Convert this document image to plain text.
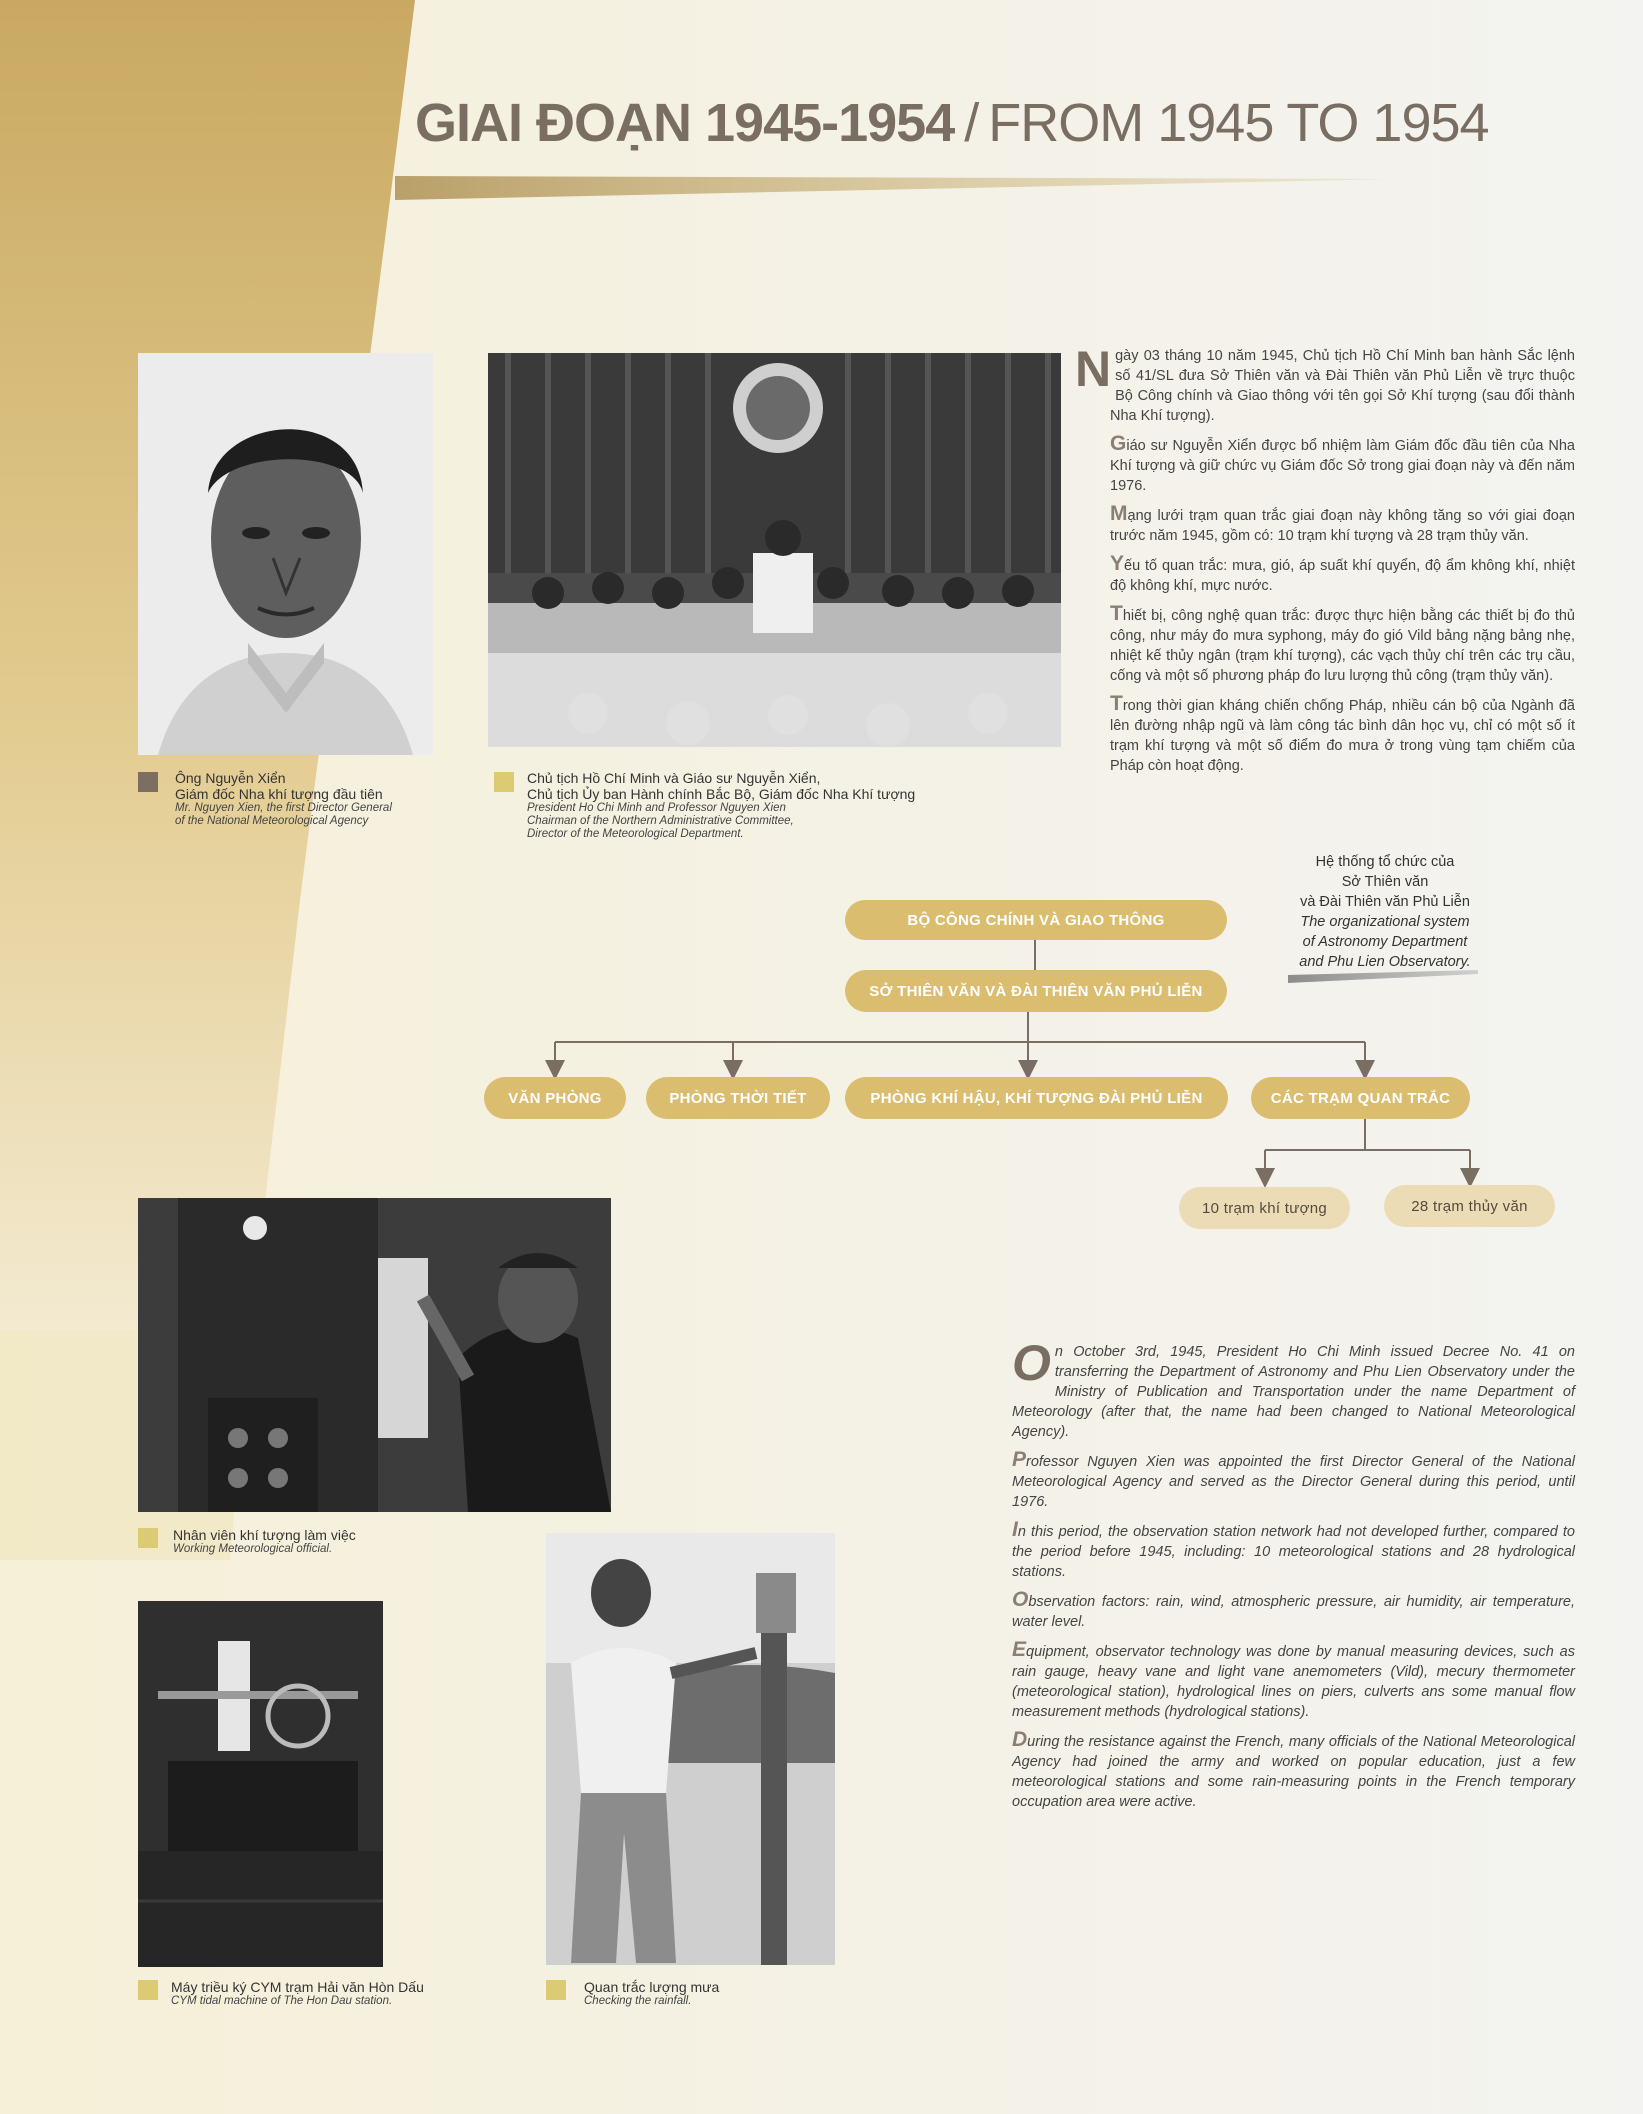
GIAI ĐOẠN 1945-1954 / FROM 1945 TO 1954
Ông Nguyễn Xiển
Giám đốc Nha khí tượng đầu tiên
Mr. Nguyen Xien, the first Director General
of the National Meteorological Agency
Chủ tịch Hồ Chí Minh và Giáo sư Nguyễn Xiển,
Chủ tịch Ủy ban Hành chính Bắc Bộ, Giám đốc Nha Khí tượng
President Ho Chi Minh and Professor Nguyen Xien
Chairman of the Northern Administrative Committee,
Director of the Meteorological Department.

Ngày 03 tháng 10 năm 1945, Chủ tịch Hồ Chí Minh ban hành Sắc lệnh số 41/SL đưa Sở Thiên văn và Đài Thiên văn Phủ Liễn về trực thuộc Bộ Công chính và Giao thông với tên gọi Sở Khí tượng (sau đổi thành Nha Khí tượng).

Giáo sư Nguyễn Xiển được bổ nhiệm làm Giám đốc đầu tiên của Nha Khí tượng và giữ chức vụ Giám đốc Sở trong giai đoạn này và đến năm 1976.

Mạng lưới trạm quan trắc giai đoạn này không tăng so với giai đoạn trước năm 1945, gồm có: 10 trạm khí tượng và 28 trạm thủy văn.

Yếu tố quan trắc: mưa, gió, áp suất khí quyển, độ ẩm không khí, nhiệt độ không khí, mực nước.

Thiết bị, công nghệ quan trắc: được thực hiện bằng các thiết bị đo thủ công, như máy đo mưa syphong, máy đo gió Vild bảng nặng bảng nhẹ, nhiệt kế thủy ngân (trạm khí tượng), các vạch thủy chí trên các trụ cầu, cống và một số phương pháp đo lưu lượng thủ công (trạm thủy văn).

Trong thời gian kháng chiến chống Pháp, nhiều cán bộ của Ngành đã lên đường nhập ngũ và làm công tác bình dân học vụ, chỉ có một số ít trạm khí tượng và một số điểm đo mưa ở trong vùng tạm chiếm của Pháp còn hoạt động.

Hệ thống tổ chức của
Sở Thiên văn
và Đài Thiên văn Phủ Liễn
The organizational system
of Astronomy Department
and Phu Lien Observatory.
BỘ CÔNG CHÍNH VÀ GIAO THÔNG
SỞ THIÊN VĂN VÀ ĐÀI THIÊN VĂN PHỦ LIỄN
VĂN PHÒNG	PHÒNG THỜI TIẾT	PHÒNG KHÍ HẬU, KHÍ TƯỢNG ĐÀI PHỦ LIỄN	CÁC TRẠM QUAN TRẮC
10 trạm khí tượng	28 trạm thủy văn
Nhân viên khí tượng làm việc
Working Meteorological official.
Máy triều ký CYM trạm Hải văn Hòn Dấu
CYM tidal machine of The Hon Dau station.
Quan trắc lượng mưa
Checking the rainfall.

On October 3rd, 1945, President Ho Chi Minh issued Decree No. 41 on transferring the Department of Astronomy and Phu Lien Observatory under the Ministry of Publication and Transportation under the name Department of Meteorology (after that, the name had been changed to National Meteorological Agency).

Professor Nguyen Xien was appointed the first Director General of the National Meteorological Agency and served as the Director General during this period, until 1976.

In this period, the observation station network had not developed further, compared to the period before 1945, including: 10 meteorological stations and 28 hydrological stations.

Observation factors: rain, wind, atmospheric pressure, air humidity, air temperature, water level.

Equipment, observator technology was done by manual measuring devices, such as rain gauge, heavy vane and light vane anemometers (Vild), mecury thermometer (meteorological station), hydrological lines on piers, culverts ans some manual flow measurement methods (hydrological stations).

During the resistance against the French, many officials of the National Meteorological Agency had joined the army and worked on popular education, just a few meteorological stations and some rain-measuring points in the French temporary occupation area were active.
